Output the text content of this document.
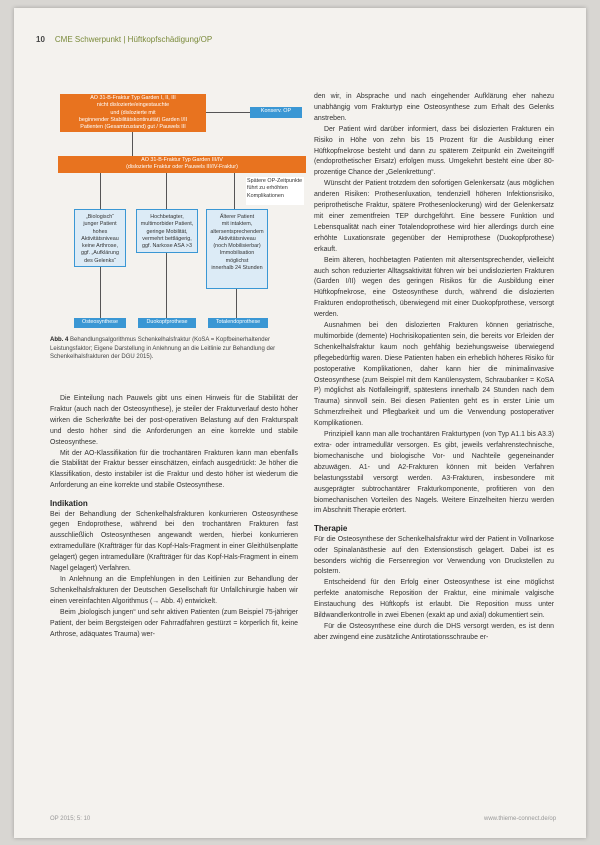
10 CME Schwerpunkt | Hüftkopfschädigung/OP
AO 31-B-Fraktur Typ Garden I, II, III
nicht dislozierte/eingestauchte
und (dislozierte mit
beginnender Stabilitätskontinuität) Garden I/II
Patienten (Gesamtzustand) gut / Pauwels III
Konserv. OP
AO 31-B-Fraktur Typ Garden III/IV
(dislozierte Fraktur oder Pauwels III/IV-Fraktur)
Spätere OP-Zeitpunkte
führt zu erhöhten
Komplikationen
„Biologisch“
junger Patient
hohes Aktivitätsniveau
keine Arthrose,
ggf. „Aufklärung
des Gelenks“
Hochbetagter,
multimorbider Patient,
geringe Mobilität,
vermehrt bettlägerig,
ggf. Narkose ASA >3
Älterer Patient
mit intaktem,
altersentsprechendem
Aktivitätsniveau
(noch Mobilisierbar)
Immobilisation
möglichst
innerhalb 24 Stunden
Osteosynthese	Duokopfprothese	Totalendoprothese
Abb. 4 Behandlungsalgorithmus Schenkelhalsfraktur (KoSA = Kopfbeinerhaltender Leistungsfaktor; Eigene Darstellung in Anlehnung an die Leitlinie zur Behandlung der Schenkelhalsfrakturen der DGU 2015).

Die Einteilung nach Pauwels gibt uns einen Hinweis für die Stabilität der Fraktur (auch nach der Osteosynthese), je steiler der Frakturverlauf desto höher wirken die Scherkräfte bei der post-operativen Belastung auf den Frakturspalt und desto höher sind die Anforderungen an eine korrekte und stabile Osteosynthese.

Mit der AO-Klassifikation für die trochantären Frakturen kann man ebenfalls die Stabilität der Fraktur besser einschätzen, einfach ausgedrückt: Je höher die Klassifikation, desto instabiler ist die Fraktur und desto höher ist wiederum die Anforderung an eine korrekte und stabile Osteosynthese.

Indikation

Bei der Behandlung der Schenkelhalsfrakturen konkurrieren Osteosynthese gegen Endoprothese, während bei den trochantären Frakturen fast ausschließlich Osteosynthesen angewandt werden, hierbei konkurrieren extramedulläre (Kraftträger für das Kopf-Hals-Fragment in einer Gleithülsenplatte gelagert) gegen intramedulläre (Kraftträger für das Kopf-Hals-Fragment in einem Nagel gelagert) Verfahren.

In Anlehnung an die Empfehlungen in den Leitlinien zur Behandlung der Schenkelhalsfrakturen der Deutschen Gesellschaft für Unfallchirurgie haben wir einen vereinfachten Algorithmus (→ Abb. 4) entwickelt.

Beim „biologisch jungen“ und sehr aktiven Patienten (zum Beispiel 75-jähriger Patient, der beim Bergsteigen oder Fahrradfahren gestürzt = körperlich fit, keine Arthrose, adäquates Trauma) wer-

den wir, in Absprache und nach eingehender Aufklärung eher nahezu unabhängig vom Frakturtyp eine Osteosynthese zum Erhalt des Gelenks anstreben.

Der Patient wird darüber informiert, dass bei dislozierten Frakturen ein Risiko in Höhe von zehn bis 15 Prozent für die Ausbildung einer Hüftkopfnekrose besteht und dann zu späterem Zeitpunkt ein Zweiteingriff (endoprothetischer Ersatz) erfolgen muss. Umgekehrt besteht eine über 80-prozentige Chance der „Gelenkrettung“.

Wünscht der Patient trotzdem den sofortigen Gelenkersatz (aus möglichen anderen Risiken: Prothesenluxation, tendenziell höheren Infektionsrisiko, periprothetische Fraktur, spätere Prothesenlockerung) wird der Gelenkersatz mit einer zementfreien TEP durchgeführt. Eine bessere Funktion und Lebensqualität nach einer Totalendoprothese wird hier allerdings durch eine erhöhte Luxationsrate gegenüber der Hemiprothese (Duokopfprothese) erkauft.

Beim älteren, hochbetagten Patienten mit altersentsprechender, vielleicht auch schon reduzierter Alltagsaktivität führen wir bei undislozierten Frakturen (Garden I/II) wegen des geringen Risikos für die Ausbildung einer Hüftkopfnekrose, eine Osteosynthese durch, während die dislozierten Frakturen endoprothetisch, überwiegend mit einer Duokopfprothese, versorgt werden.

Ausnahmen bei den dislozierten Frakturen können geriatrische, multimorbide (demente) Hochrisikopatienten sein, die bereits vor Erleiden der Schenkelhalsfraktur kaum noch gehfähig beziehungsweise überwiegend pflegebedürftig waren. Diese Patienten haben ein erheblich höheres Risiko für postoperative Komplikationen, daher kann hier die minimalinvasive Osteosynthese (zum Beispiel mit dem Kanülensystem, Schraubanker = KoSA P) möglichst als Notfalleingriff, spätestens innerhalb 24 Stunden nach dem Trauma) sinnvoll sein. Bei diesen Patienten geht es in erster Linie um Schmerzfreiheit und Pflegbarkeit und um die Verwendung postoperativer Komplikationen.

Prinzipiell kann man alle trochantären Frakturtypen (von Typ A1.1 bis A3.3) extra- oder intramedullär versorgen. Es gibt, jeweils verfahrenstechnische, biomechanische und biologische Vor- und Nachteile gegeneinander abzuwägen. A1- und A2-Frakturen können mit beiden Verfahren belastungsstabil versorgt werden. A3-Frakturen, insbesondere mit ausgeprägter subtrochantärer Frakturkomponente, profitieren von den biomechanischen Vorteilen des Nagels. Weitere Einzelheiten hierzu werden im Abschnitt Therapie erörtert.

Therapie

Für die Osteosynthese der Schenkelhalsfraktur wird der Patient in Vollnarkose oder Spinalanästhesie auf den Extensionstisch gelagert. Dabei ist es besonders wichtig die Fersenregion vor Verwendung von Druckstellen zu polstern.

Entscheidend für den Erfolg einer Osteosynthese ist eine möglichst perfekte anatomische Reposition der Fraktur, eine minimale valgische Einstauchung des Hüftkopfs ist erlaubt. Die Reposition muss unter Bildwandlerkontrolle in zwei Ebenen (exakt ap und axial) dokumentiert sein.

Für die Osteosynthese eine durch die DHS versorgt werden, es ist denn aber zwingend eine zusätzliche Antirotationsschraube er-

OP 2015; 5: 10	www.thieme-connect.de/op
